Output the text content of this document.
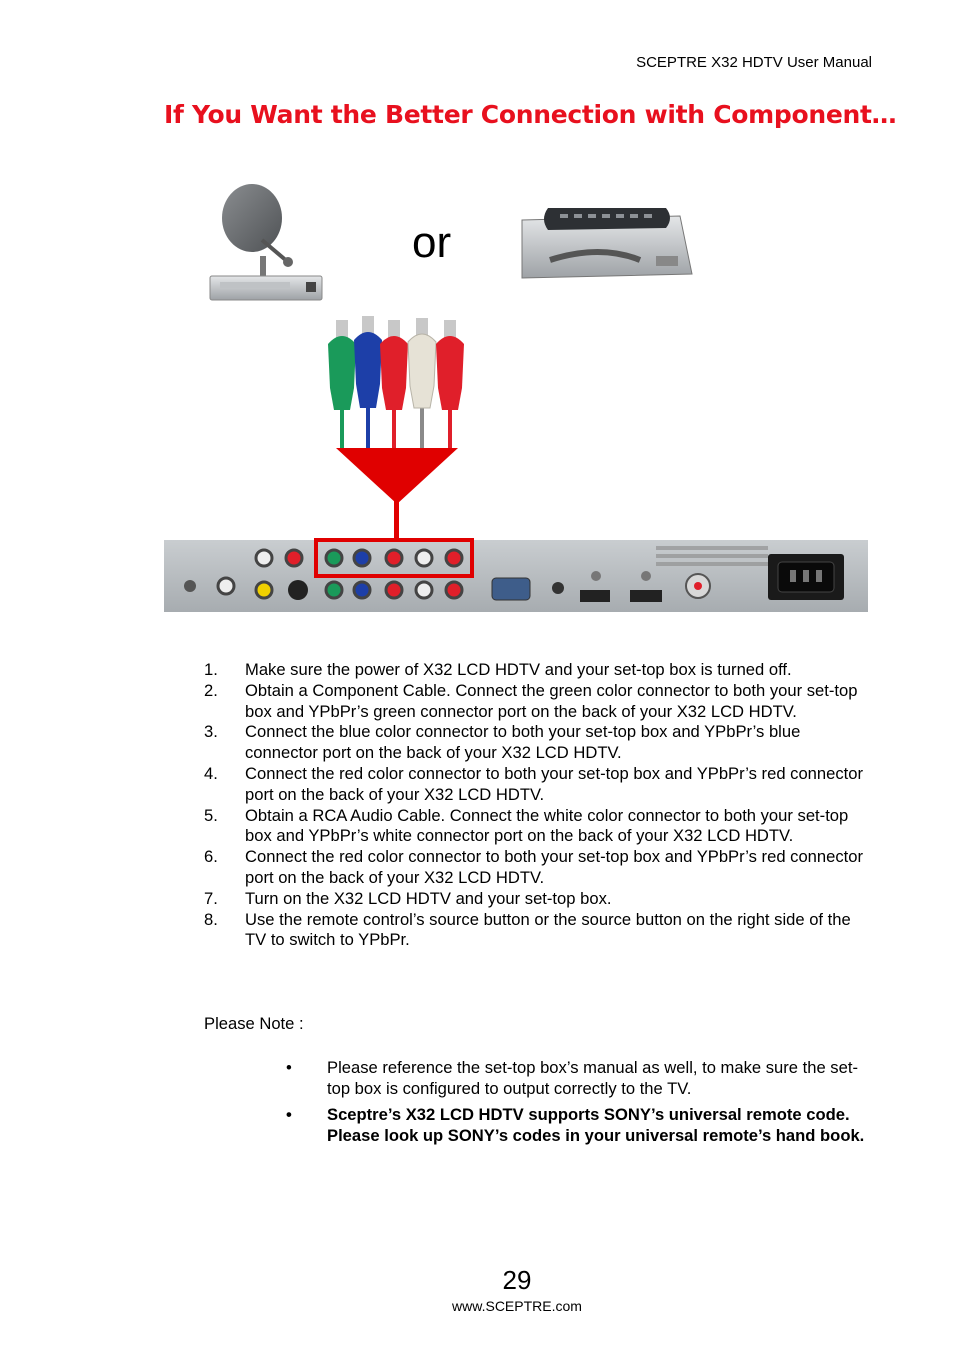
SCEPTRE X32 HDTV User Manual
If You Want the Better Connection with Component…
or
1. Make sure the power of X32 LCD HDTV and your set-top box is turned off.
2. Obtain a Component Cable. Connect the green color connector to both your set-top box and YPbPr’s green connector port on the back of your X32 LCD HDTV.
3. Connect the blue color connector to both your set-top box and YPbPr’s blue connector port on the back of your X32 LCD HDTV.
4. Connect the red color connector to both your set-top box and YPbPr’s red connector port on the back of your X32 LCD HDTV.
5. Obtain a RCA Audio Cable. Connect the white color connector to both your set-top box and YPbPr’s white connector port on the back of your X32 LCD HDTV.
6. Connect the red color connector to both your set-top box and YPbPr’s red connector port on the back of your X32 LCD HDTV.
7. Turn on the X32 LCD HDTV and your set-top box.
8. Use the remote control’s source button or the source button on the right side of the TV to switch to YPbPr.
Please Note :
• Please reference the set-top box’s manual as well, to make sure the set-top box is configured to output correctly to the TV.
• Sceptre’s X32 LCD HDTV supports SONY’s universal remote code. Please look up SONY’s codes in your universal remote’s hand book.
29
www.SCEPTRE.com
